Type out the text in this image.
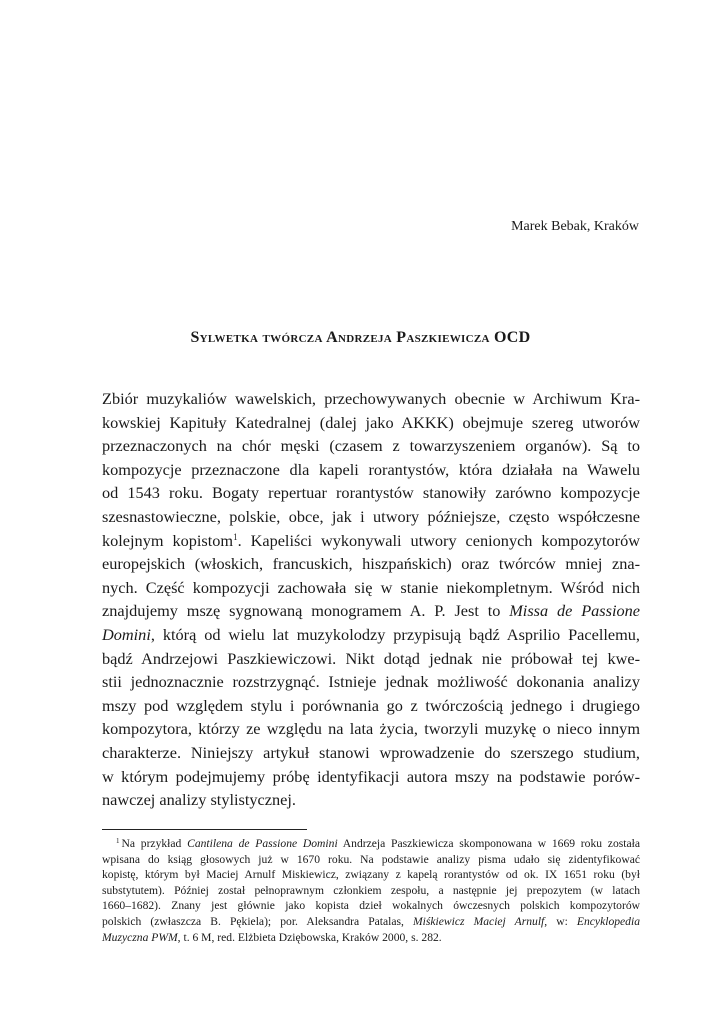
Marek Bebak, Kraków
Sylwetka twórcza Andrzeja Paszkiewicza OCD
Zbiór muzykaliów wawelskich, przechowywanych obecnie w Archiwum Kra-
kowskiej Kapituły Katedralnej (dalej jako AKKK) obejmuje szereg utworów
przeznaczonych na chór męski (czasem z towarzyszeniem organów). Są to
kompozycje przeznaczone dla kapeli rorantystów, która działała na Wawelu
od 1543 roku. Bogaty repertuar rorantystów stanowiły zarówno kompozycje
szesnastowieczne, polskie, obce, jak i utwory późniejsze, często współczesne
kolejnym kopistom$^1$. Kapeliści wykonywali utwory cenionych kompozytorów
europejskich (włoskich, francuskich, hiszpańskich) oraz twórców mniej zna-
nych. Część kompozycji zachowała się w stanie niekompletnym. Wśród nich
znajdujemy mszę sygnowaną monogramem A. P. Jest to Missa de Passione
Domini, którą od wielu lat muzykolodzy przypisują bądź Asprilio Pacellemu,
bądź Andrzejowi Paszkiewiczowi. Nikt dotąd jednak nie próbował tej kwe-
stii jednoznacznie rozstrzygnąć. Istnieje jednak możliwość dokonania analizy
mszy pod względem stylu i porównania go z twórczością jednego i drugiego
kompozytora, którzy ze względu na lata życia, tworzyli muzykę o nieco innym
charakterze. Niniejszy artykuł stanowi wprowadzenie do szerszego studium,
w którym podejmujemy próbę identyfikacji autora mszy na podstawie porów-
nawczej analizy stylistycznej.
$^1$ Na przykład Cantilena de Passione Domini Andrzeja Paszkiewicza skomponowana w 1669 roku została
wpisana do ksiąg głosowych już w 1670 roku. Na podstawie analizy pisma udało się zidentyfikować
kopistę, którym był Maciej Arnulf Miskiewicz, związany z kapelą rorantystów od ok. IX 1651 roku (był
substytutem). Później został pełnoprawnym członkiem zespołu, a następnie jej prepozytem (w latach
1660–1682). Znany jest głównie jako kopista dzieł wokalnych ówczesnych polskich kompozytorów
polskich (zwłaszcza B. Pękiela); por. Aleksandra Patalas, Miśkiewicz Maciej Arnulf, w: Encyklopedia
Muzyczna PWM, t. 6 M, red. Elżbieta Dziębowska, Kraków 2000, s. 282.
